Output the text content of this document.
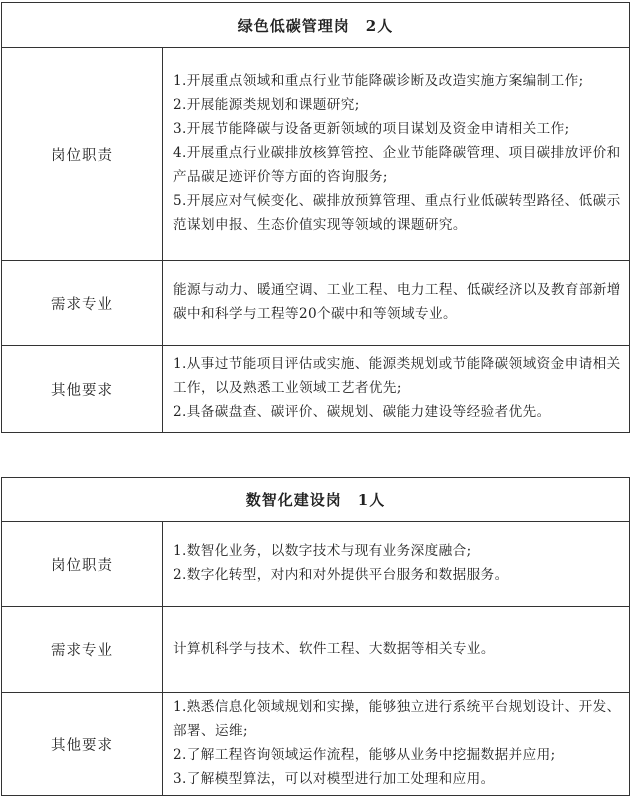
绿色低碳管理岗　2人	
岗位职责	1.开展重点领域和重点行业节能降碳诊断及改造实施方案编制工作;

2.开展能源类规划和课题研究;

3.开展节能降碳与设备更新领域的项目谋划及资金申请相关工作;

4.开展重点行业碳排放核算管控、企业节能降碳管理、项目碳排放评价和产品碳足迹评价等方面的咨询服务;

5.开展应对气候变化、碳排放预算管理、重点行业低碳转型路径、低碳示范谋划申报、生态价值实现等领域的课题研究。

需求专业	能源与动力、暖通空调、工业工程、电力工程、低碳经济以及教育部新增碳中和科学与工程等20个碳中和等领域专业。

其他要求	1.从事过节能项目评估或实施、能源类规划或节能降碳领域资金申请相关工作，以及熟悉工业领域工艺者优先;

2.具备碳盘查、碳评价、碳规划、碳能力建设等经验者优先。

数智化建设岗　1人	
岗位职责	1.数智化业务，以数字技术与现有业务深度融合;

2.数字化转型，对内和对外提供平台服务和数据服务。

需求专业	计算机科学与技术、软件工程、大数据等相关专业。

其他要求	1.熟悉信息化领域规划和实操，能够独立进行系统平台规划设计、开发、部署、运维;

2.了解工程咨询领域运作流程，能够从业务中挖掘数据并应用;

3.了解模型算法，可以对模型进行加工处理和应用。
